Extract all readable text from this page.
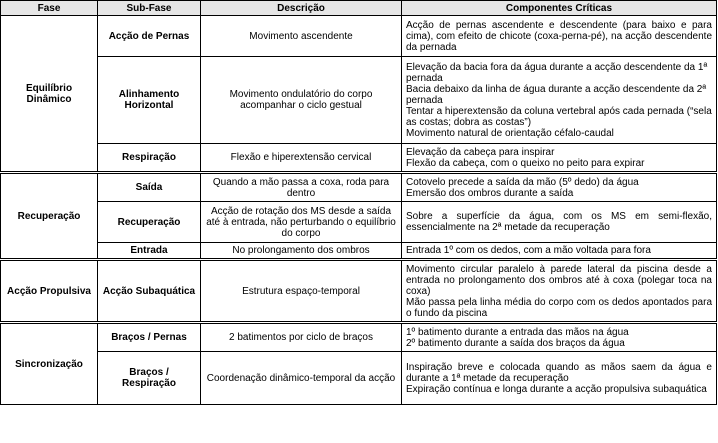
Fase	Sub-Fase	Descrição	Componentes Críticas
Equilíbrio Dinâmico	Acção de Pernas	Movimento ascendente	Acção de pernas ascendente e descendente (para baixo e para cima), com efeito de chicote (coxa-perna-pé), na acção descendente da pernada

	Alinhamento Horizontal	Movimento ondulatório do corpo acompanhar o ciclo gestual	Elevação da bacia fora da água durante a acção descendente da 1ª pernada
Bacia debaixo da linha de água durante a acção descendente da 2ª pernada
Tentar a hiperextensão da coluna vertebral após cada pernada (“sela as costas; dobra as costas”)
Movimento natural de orientação céfalo-caudal

	Respiração	Flexão e hiperextensão cervical	Elevação da cabeça para inspirar
Flexão da cabeça, com o queixo no peito para expirar

Recuperação	Saída	Quando a mão passa a coxa, roda para dentro	Cotovelo precede a saída da mão (5º dedo) da água
Emersão dos ombros durante a saída

	Recuperação	Acção de rotação dos MS desde a saída até à entrada, não perturbando o equilíbrio do corpo	Sobre a superfície da água, com os MS em semi-flexão, essencialmente na 2ª metade da recuperação

	Entrada	No prolongamento dos ombros	Entrada 1º com os dedos, com a mão voltada para fora

Acção Propulsiva	Acção Subaquática	Estrutura espaço-temporal	Movimento circular paralelo à parede lateral da piscina desde a entrada no prolongamento dos ombros até à coxa (polegar toca na coxa)
Mão passa pela linha média do corpo com os dedos apontados para o fundo da piscina

Sincronização	Braços / Pernas	2 batimentos por ciclo de braços	1º batimento durante a entrada das mãos na água
2º batimento durante a saída dos braços da água

	Braços / Respiração	Coordenação dinâmico-temporal da acção	Inspiração breve e colocada quando as mãos saem da água e durante a 1ª metade da recuperação
Expiração contínua e longa durante a acção propulsiva subaquática
